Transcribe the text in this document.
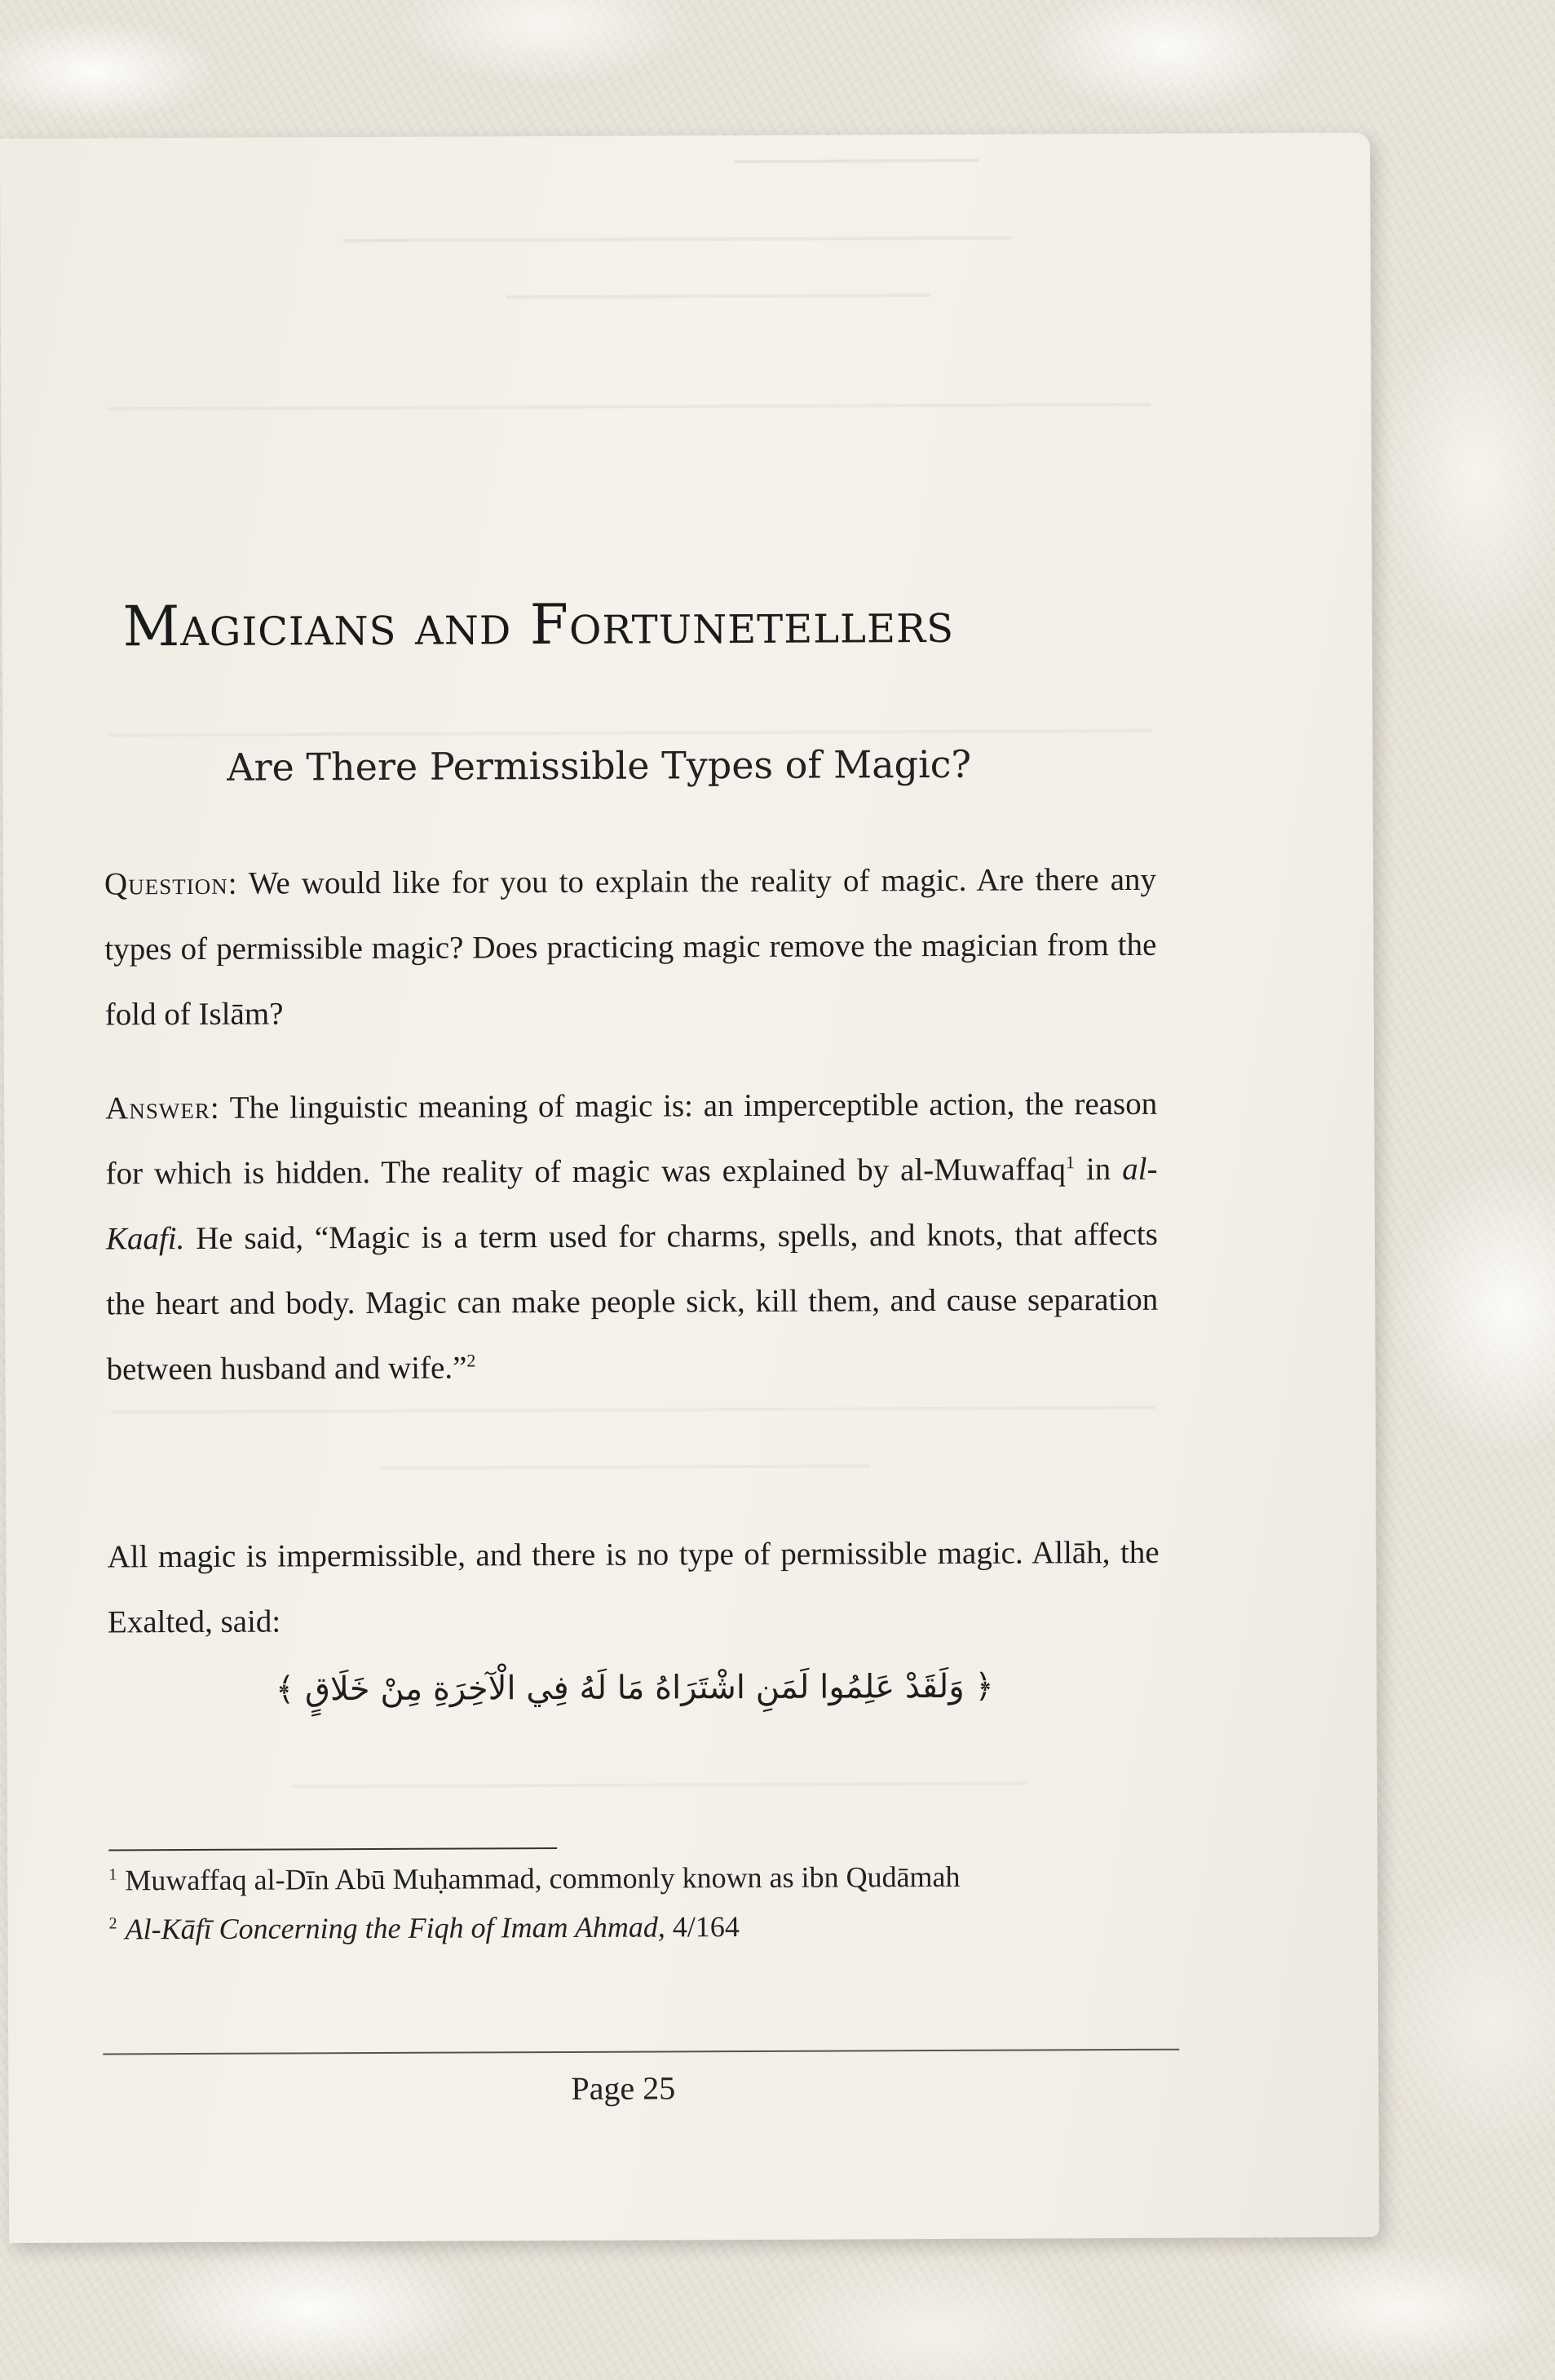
Magicians and Fortunetellers
Are There Permissible Types of Magic?
Question: We would like for you to explain the reality of magic. Are there any types of permissible magic? Does practicing magic remove the magician from the fold of Islām?
Answer: The linguistic meaning of magic is: an imperceptible action, the reason for which is hidden. The reality of magic was explained by al-Muwaffaq$^1$ in al-Kaafi. He said, “Magic is a term used for charms, spells, and knots, that affects the heart and body. Magic can make people sick, kill them, and cause separation between husband and wife.”$^2$
All magic is impermissible, and there is no type of permissible magic. Allāh, the Exalted, said:
﴿ وَلَقَدْ عَلِمُوا لَمَنِ اشْتَرَاهُ مَا لَهُ فِي الْآخِرَةِ مِنْ خَلَاقٍ ﴾
$^1$ Muwaffaq al-Dīn Abū Muḥammad, commonly known as ibn Qudāmah
$^2$ Al-Kāfī Concerning the Fiqh of Imam Ahmad, 4/164
Page 25
